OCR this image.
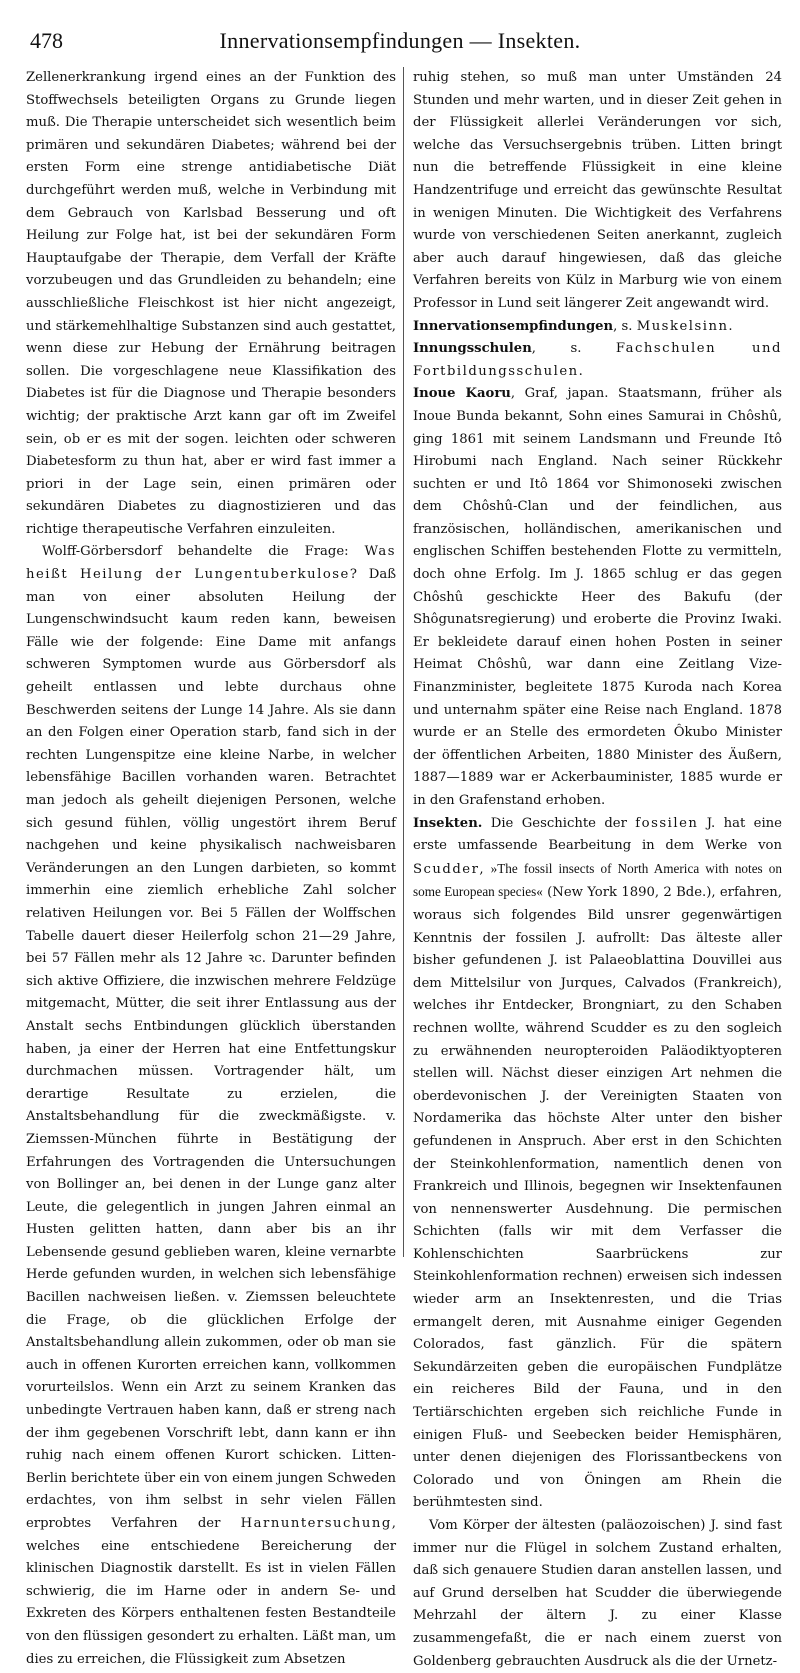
478	Innervationsempfindungen — Insekten.

Zellenerkrankung irgend eines an der Funktion des Stoffwechsels beteiligten Organs zu Grunde liegen muß. Die Therapie unterscheidet sich wesentlich beim primären und sekundären Diabetes; während bei der ersten Form eine strenge antidiabetische Diät durchgeführt werden muß, welche in Verbindung mit dem Gebrauch von Karlsbad Besserung und oft Heilung zur Folge hat, ist bei der sekundären Form Hauptaufgabe der Therapie, dem Verfall der Kräfte vorzubeugen und das Grundleiden zu behandeln; eine ausschließliche Fleischkost ist hier nicht angezeigt, und stärkemehlhaltige Substanzen sind auch gestattet, wenn diese zur Hebung der Ernährung beitragen sollen. Die vorgeschlagene neue Klassifikation des Diabetes ist für die Diagnose und Therapie besonders wichtig; der praktische Arzt kann gar oft im Zweifel sein, ob er es mit der sogen. leichten oder schweren Diabetesform zu thun hat, aber er wird fast immer a priori in der Lage sein, einen primären oder sekundären Diabetes zu diagnostizieren und das richtige therapeutische Verfahren einzuleiten.

Wolff-Görbersdorf behandelte die Frage: Was heißt Heilung der Lungentuberkulose? Daß man von einer absoluten Heilung der Lungenschwindsucht kaum reden kann, beweisen Fälle wie der folgende: Eine Dame mit anfangs schweren Symptomen wurde aus Görbersdorf als geheilt entlassen und lebte durchaus ohne Beschwerden seitens der Lunge 14 Jahre. Als sie dann an den Folgen einer Operation starb, fand sich in der rechten Lungenspitze eine kleine Narbe, in welcher lebensfähige Bacillen vorhanden waren. Betrachtet man jedoch als geheilt diejenigen Personen, welche sich gesund fühlen, völlig ungestört ihrem Beruf nachgehen und keine physikalisch nachweisbaren Veränderungen an den Lungen darbieten, so kommt immerhin eine ziemlich erhebliche Zahl solcher relativen Heilungen vor. Bei 5 Fällen der Wolffschen Tabelle dauert dieser Heilerfolg schon 21—29 Jahre, bei 57 Fällen mehr als 12 Jahre ꝛc. Darunter befinden sich aktive Offiziere, die inzwischen mehrere Feldzüge mitgemacht, Mütter, die seit ihrer Entlassung aus der Anstalt sechs Entbindungen glücklich überstanden haben, ja einer der Herren hat eine Entfettungskur durchmachen müssen. Vortragender hält, um derartige Resultate zu erzielen, die Anstaltsbehandlung für die zweckmäßigste. v. Ziemssen-München führte in Bestätigung der Erfahrungen des Vortragenden die Untersuchungen von Bollinger an, bei denen in der Lunge ganz alter Leute, die gelegentlich in jungen Jahren einmal an Husten gelitten hatten, dann aber bis an ihr Lebensende gesund geblieben waren, kleine vernarbte Herde gefunden wurden, in welchen sich lebensfähige Bacillen nachweisen ließen. v. Ziemssen beleuchtete die Frage, ob die glücklichen Erfolge der Anstaltsbehandlung allein zukommen, oder ob man sie auch in offenen Kurorten erreichen kann, vollkommen vorurteilslos. Wenn ein Arzt zu seinem Kranken das unbedingte Vertrauen haben kann, daß er streng nach der ihm gegebenen Vorschrift lebt, dann kann er ihn ruhig nach einem offenen Kurort schicken. Litten-Berlin berichtete über ein von einem jungen Schweden erdachtes, von ihm selbst in sehr vielen Fällen erprobtes Verfahren der Harnuntersuchung, welches eine entschiedene Bereicherung der klinischen Diagnostik darstellt. Es ist in vielen Fällen schwierig, die im Harne oder in andern Se- und Exkreten des Körpers enthaltenen festen Bestandteile von den flüssigen gesondert zu erhalten. Läßt man, um dies zu erreichen, die Flüssigkeit zum Absetzen

ruhig stehen, so muß man unter Umständen 24 Stunden und mehr warten, und in dieser Zeit gehen in der Flüssigkeit allerlei Veränderungen vor sich, welche das Versuchsergebnis trüben. Litten bringt nun die betreffende Flüssigkeit in eine kleine Handzentrifuge und erreicht das gewünschte Resultat in wenigen Minuten. Die Wichtigkeit des Verfahrens wurde von verschiedenen Seiten anerkannt, zugleich aber auch darauf hingewiesen, daß das gleiche Verfahren bereits von Külz in Marburg wie von einem Professor in Lund seit längerer Zeit angewandt wird.

Innervationsempfindungen, s. Muskelsinn.

Innungsschulen, s. Fachschulen und Fortbildungsschulen.

Inoue Kaoru, Graf, japan. Staatsmann, früher als Inoue Bunda bekannt, Sohn eines Samurai in Chôshû, ging 1861 mit seinem Landsmann und Freunde Itô Hirobumi nach England. Nach seiner Rückkehr suchten er und Itô 1864 vor Shimonoseki zwischen dem Chôshû-Clan und der feindlichen, aus französischen, holländischen, amerikanischen und englischen Schiffen bestehenden Flotte zu vermitteln, doch ohne Erfolg. Im J. 1865 schlug er das gegen Chôshû geschickte Heer des Bakufu (der Shôgunatsregierung) und eroberte die Provinz Iwaki. Er bekleidete darauf einen hohen Posten in seiner Heimat Chôshû, war dann eine Zeitlang Vize-Finanzminister, begleitete 1875 Kuroda nach Korea und unternahm später eine Reise nach England. 1878 wurde er an Stelle des ermordeten Ôkubo Minister der öffentlichen Arbeiten, 1880 Minister des Äußern, 1887—1889 war er Ackerbauminister, 1885 wurde er in den Grafenstand erhoben.

Insekten. Die Geschichte der fossilen J. hat eine erste umfassende Bearbeitung in dem Werke von Scudder, »The fossil insects of North America with notes on some European species« (New York 1890, 2 Bde.), erfahren, woraus sich folgendes Bild unsrer gegenwärtigen Kenntnis der fossilen J. aufrollt: Das älteste aller bisher gefundenen J. ist Palaeoblattina Douvillei aus dem Mittelsilur von Jurques, Calvados (Frankreich), welches ihr Entdecker, Brongniart, zu den Schaben rechnen wollte, während Scudder es zu den sogleich zu erwähnenden neuropteroiden Paläodiktyopteren stellen will. Nächst dieser einzigen Art nehmen die oberdevonischen J. der Vereinigten Staaten von Nordamerika das höchste Alter unter den bisher gefundenen in Anspruch. Aber erst in den Schichten der Steinkohlenformation, namentlich denen von Frankreich und Illinois, begegnen wir Insektenfaunen von nennenswerter Ausdehnung. Die permischen Schichten (falls wir mit dem Verfasser die Kohlenschichten Saarbrückens zur Steinkohlenformation rechnen) erweisen sich indessen wieder arm an Insektenresten, und die Trias ermangelt deren, mit Ausnahme einiger Gegenden Colorados, fast gänzlich. Für die spätern Sekundärzeiten geben die europäischen Fundplätze ein reicheres Bild der Fauna, und in den Tertiärschichten ergeben sich reichliche Funde in einigen Fluß- und Seebecken beider Hemisphären, unter denen diejenigen des Florissantbeckens von Colorado und von Öningen am Rhein die berühmtesten sind.

Vom Körper der ältesten (paläozoischen) J. sind fast immer nur die Flügel in solchem Zustand erhalten, daß sich genauere Studien daran anstellen lassen, und auf Grund derselben hat Scudder die überwiegende Mehrzahl der ältern J. zu einer Klasse zusammengefaßt, die er nach einem zuerst von Goldenberg gebrauchten Ausdruck als die der Urnetz-
